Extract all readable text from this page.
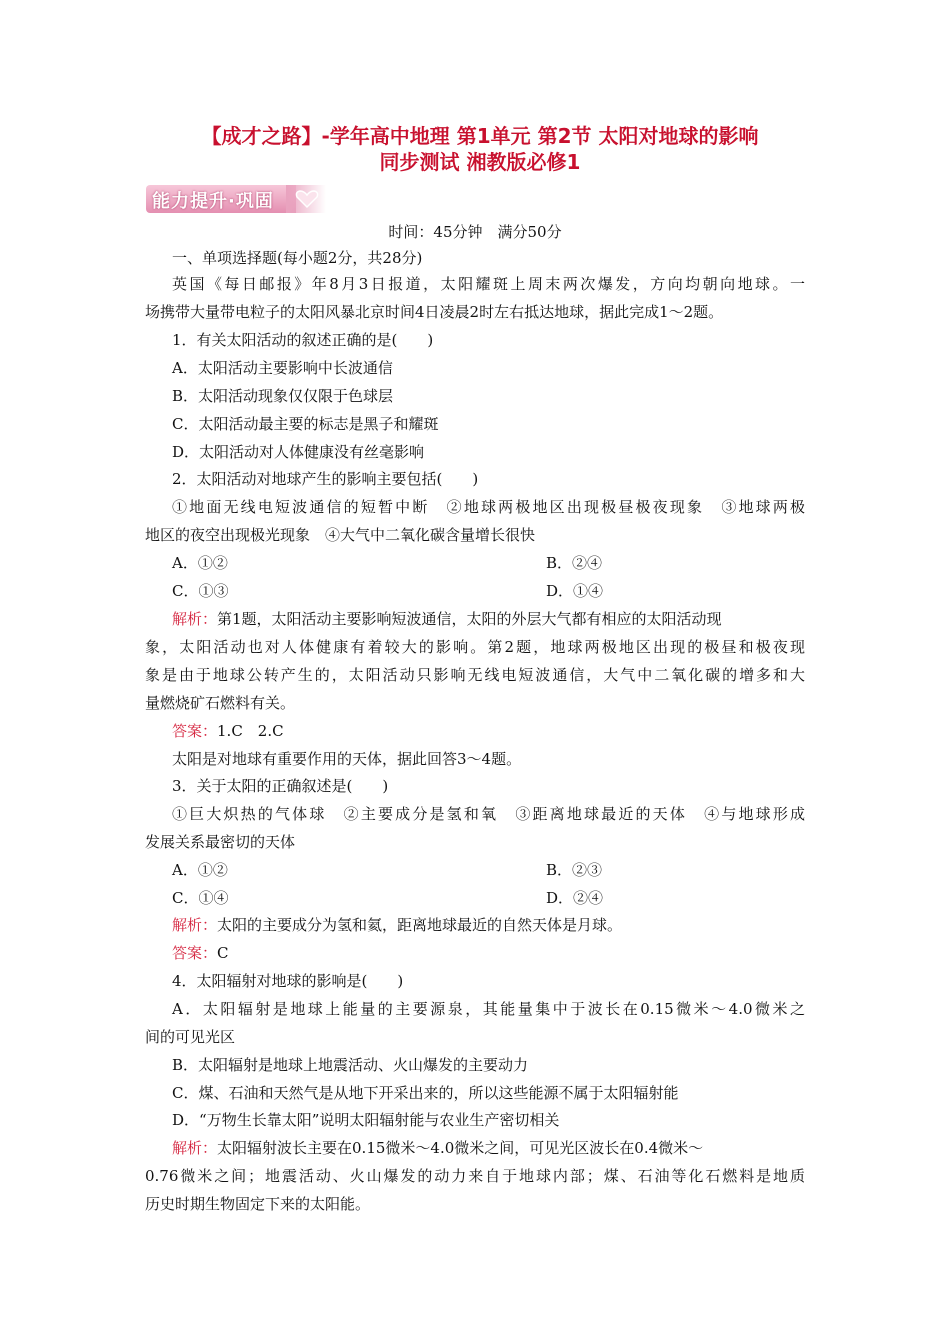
【成才之路】-学年高中地理 第1单元 第2节 太阳对地球的影响
同步测试 湘教版必修1
能力提升·巩固
时间：45分钟　满分50分
一、单项选择题(每小题2分，共28分)
英国《每日邮报》年8月3日报道，太阳耀斑上周末两次爆发，方向均朝向地球。一
场携带大量带电粒子的太阳风暴北京时间4日凌晨2时左右抵达地球，据此完成1～2题。
1．有关太阳活动的叙述正确的是(　　)
A．太阳活动主要影响中长波通信
B．太阳活动现象仅仅限于色球层
C．太阳活动最主要的标志是黑子和耀斑
D．太阳活动对人体健康没有丝毫影响
2．太阳活动对地球产生的影响主要包括(　　)
①地面无线电短波通信的短暂中断　②地球两极地区出现极昼极夜现象　③地球两极
地区的夜空出现极光现象　④大气中二氧化碳含量增长很快
A．①②	B．②④
C．①③	D．①④
解析：第1题，太阳活动主要影响短波通信，太阳的外层大气都有相应的太阳活动现
象，太阳活动也对人体健康有着较大的影响。第2题，地球两极地区出现的极昼和极夜现
象是由于地球公转产生的，太阳活动只影响无线电短波通信，大气中二氧化碳的增多和大
量燃烧矿石燃料有关。
答案：1.C　2.C
太阳是对地球有重要作用的天体，据此回答3～4题。
3．关于太阳的正确叙述是(　　)
①巨大炽热的气体球　②主要成分是氢和氧　③距离地球最近的天体　④与地球形成
发展关系最密切的天体
A．①②	B．②③
C．①④	D．②④
解析：太阳的主要成分为氢和氦，距离地球最近的自然天体是月球。
答案：C
4．太阳辐射对地球的影响是(　　)
A．太阳辐射是地球上能量的主要源泉，其能量集中于波长在0.15微米～4.0微米之
间的可见光区
B．太阳辐射是地球上地震活动、火山爆发的主要动力
C．煤、石油和天然气是从地下开采出来的，所以这些能源不属于太阳辐射能
D．“万物生长靠太阳”说明太阳辐射能与农业生产密切相关
解析：太阳辐射波长主要在0.15微米～4.0微米之间，可见光区波长在0.4微米～
0.76微米之间；地震活动、火山爆发的动力来自于地球内部；煤、石油等化石燃料是地质
历史时期生物固定下来的太阳能。
